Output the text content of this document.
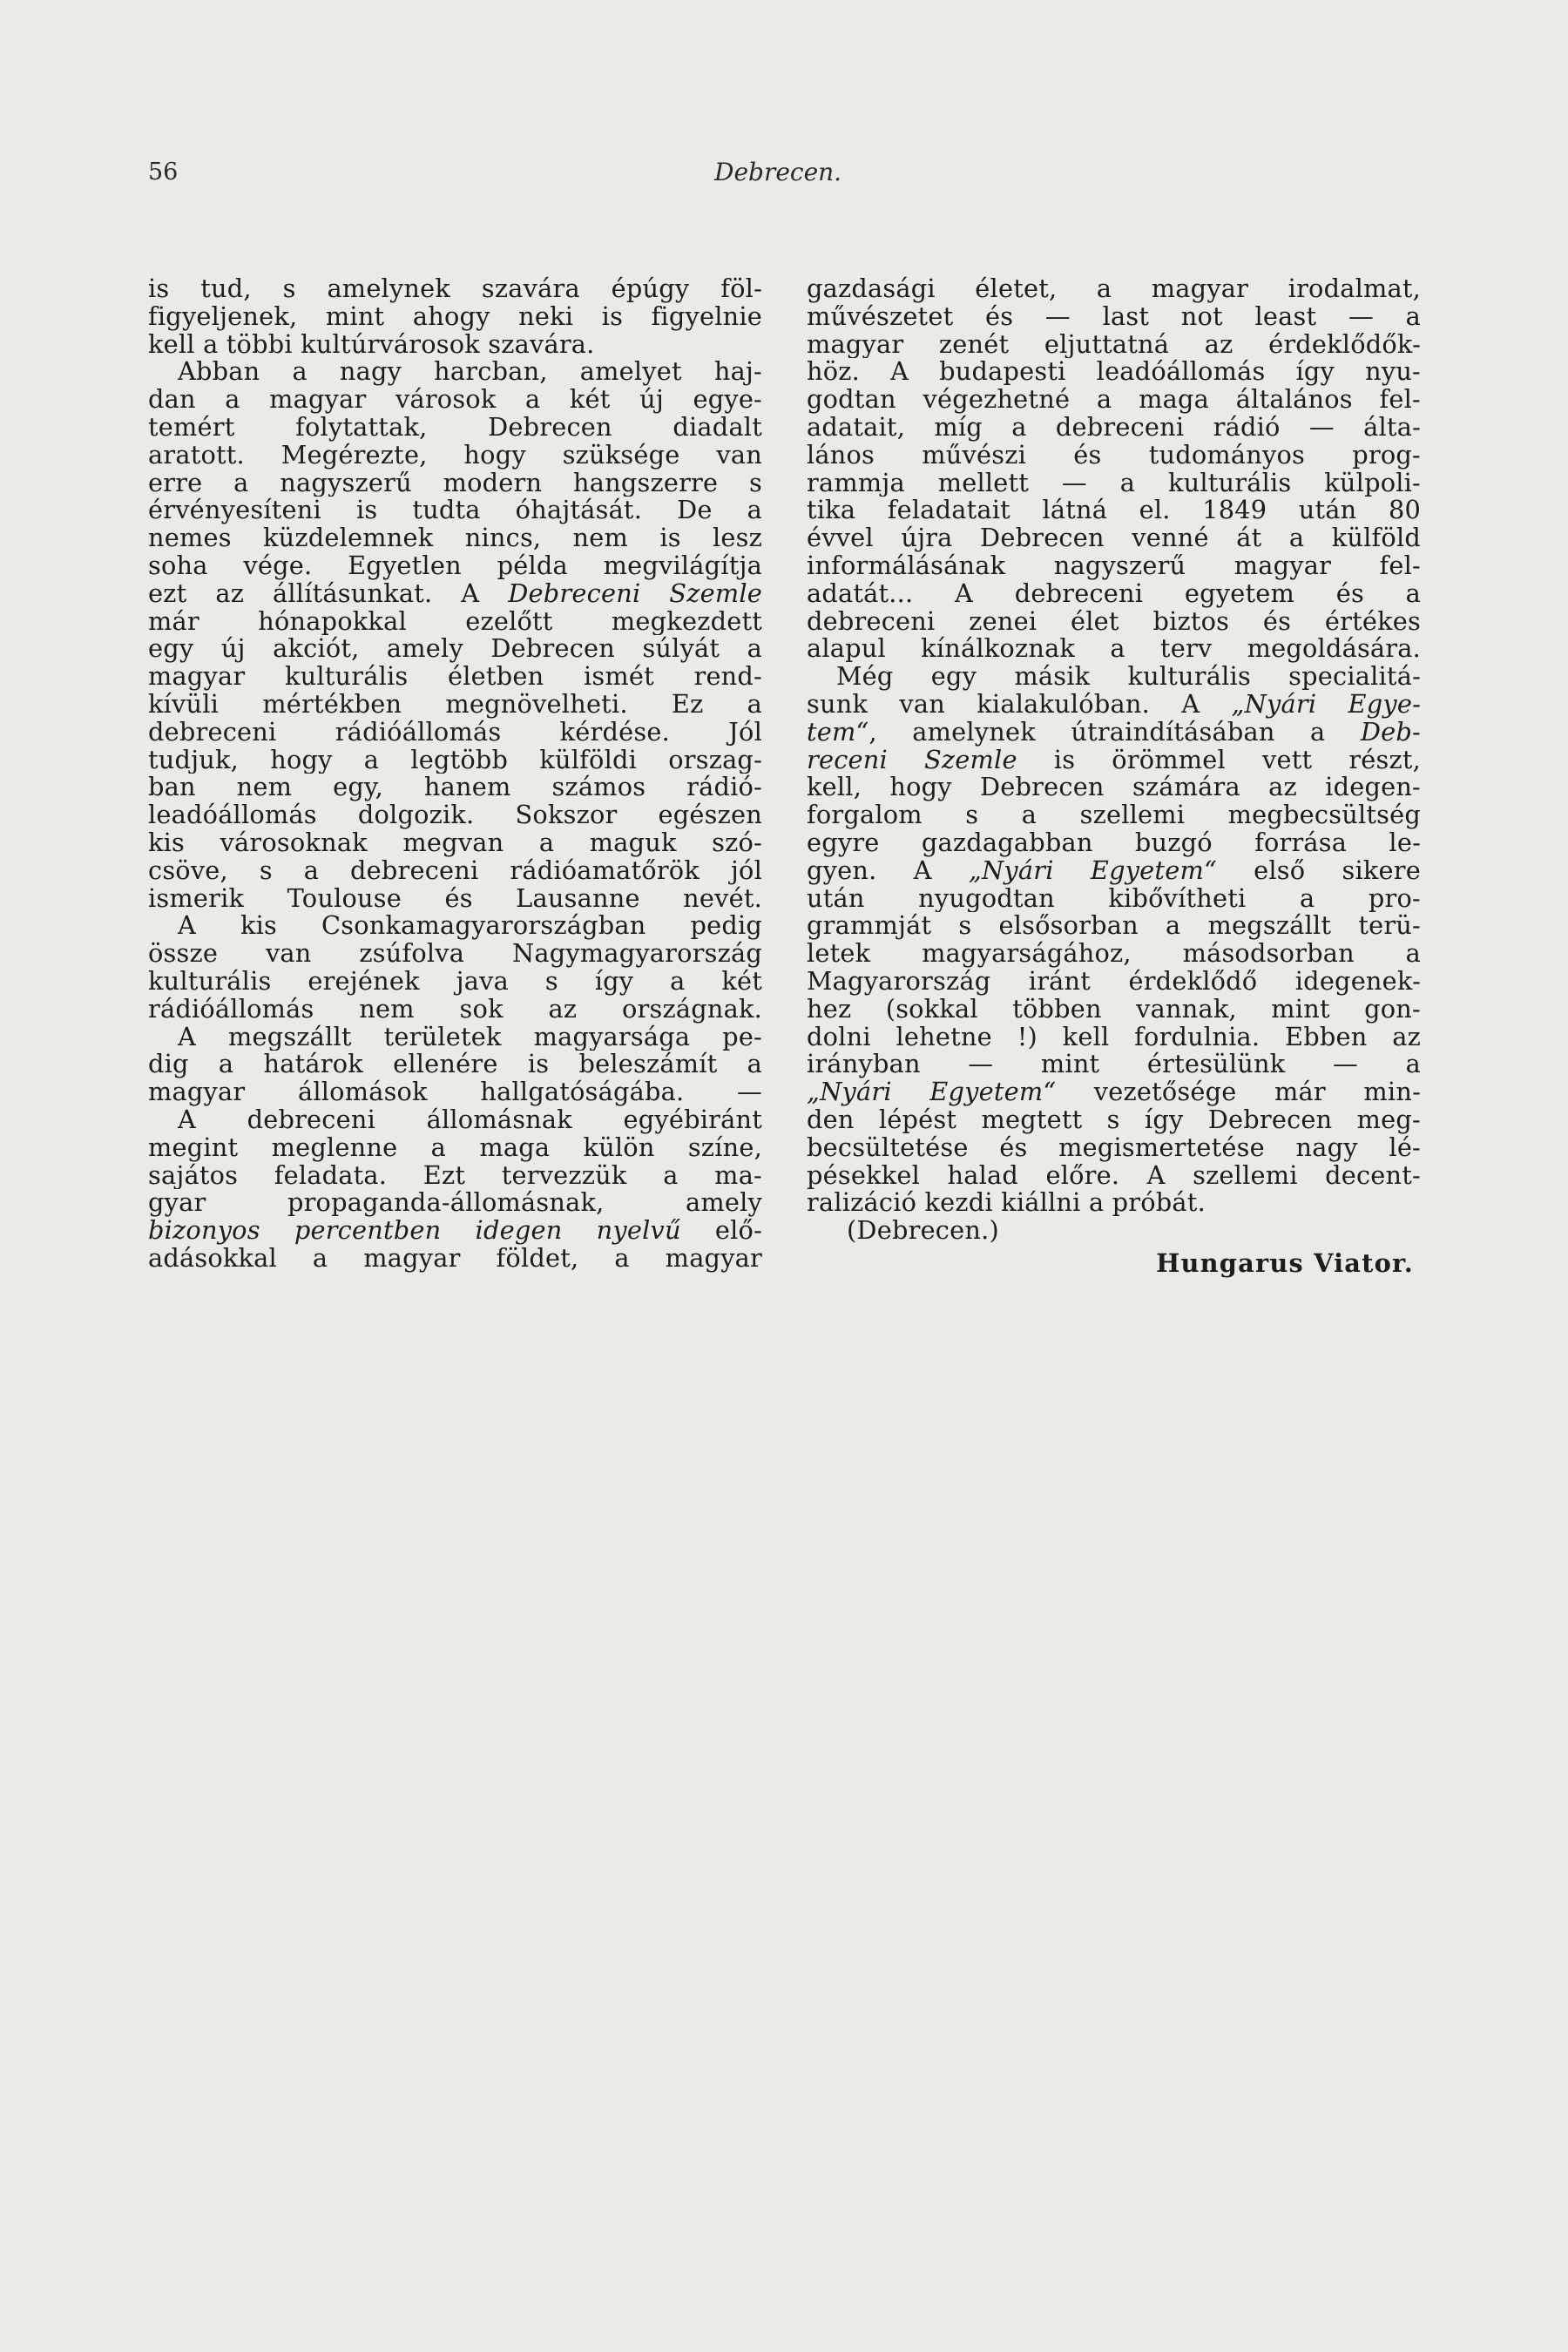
56	Debrecen.
is tud, s amelynek szavára épúgy föl-
figyeljenek, mint ahogy neki is figyelnie
kell a többi kultúrvárosok szavára.
Abban a nagy harcban, amelyet haj-
dan a magyar városok a két új egye-
temért folytattak, Debrecen diadalt
aratott. Megérezte, hogy szüksége van
erre a nagyszerű modern hangszerre s
érvényesíteni is tudta óhajtását. De a
nemes küzdelemnek nincs, nem is lesz
soha vége. Egyetlen példa megvilágítja
ezt az állításunkat. A Debreceni Szemle
már hónapokkal ezelőtt megkezdett
egy új akciót, amely Debrecen súlyát a
magyar kulturális életben ismét rend-
kívüli mértékben megnövelheti. Ez a
debreceni rádióállomás kérdése. Jól
tudjuk, hogy a legtöbb külföldi orszag-
ban nem egy, hanem számos rádió-
leadóállomás dolgozik. Sokszor egészen
kis városoknak megvan a maguk szó-
csöve, s a debreceni rádióamatőrök jól
ismerik Toulouse és Lausanne nevét.
A kis Csonkamagyarországban pedig
össze van zsúfolva Nagymagyarország
kulturális erejének java s így a két
rádióállomás nem sok az országnak.
A megszállt területek magyarsága pe-
dig a határok ellenére is beleszámít a
magyar állomások hallgatóságába. —
A debreceni állomásnak egyébiránt
megint meglenne a maga külön színe,
sajátos feladata. Ezt tervezzük a ma-
gyar propaganda-állomásnak, amely
bizonyos percentben idegen nyelvű elő-
adásokkal a magyar földet, a magyar
gazdasági életet, a magyar irodalmat,
művészetet és — last not least — a
magyar zenét eljuttatná az érdeklődők-
höz. A budapesti leadóállomás így nyu-
godtan végezhetné a maga általános fel-
adatait, míg a debreceni rádió — álta-
lános művészi és tudományos prog-
rammja mellett — a kulturális külpoli-
tika feladatait látná el. 1849 után 80
évvel újra Debrecen venné át a külföld
informálásának nagyszerű magyar fel-
adatát... A debreceni egyetem és a
debreceni zenei élet biztos és értékes
alapul kínálkoznak a terv megoldására.
Még egy másik kulturális specialitá-
sunk van kialakulóban. A „Nyári Egye-
tem“, amelynek útraindításában a Deb-
receni Szemle is örömmel vett részt,
kell, hogy Debrecen számára az idegen-
forgalom s a szellemi megbecsültség
egyre gazdagabban buzgó forrása le-
gyen. A „Nyári Egyetem“ első sikere
után nyugodtan kibővítheti a pro-
grammját s elsősorban a megszállt terü-
letek magyarságához, másodsorban a
Magyarország iránt érdeklődő idegenek-
hez (sokkal többen vannak, mint gon-
dolni lehetne !) kell fordulnia. Ebben az
irányban — mint értesülünk — a
„Nyári Egyetem“ vezetősége már min-
den lépést megtett s így Debrecen meg-
becsültetése és megismertetése nagy lé-
pésekkel halad előre. A szellemi decent-
ralizáció kezdi kiállni a próbát.
(Debrecen.)
Hungarus Viator.
